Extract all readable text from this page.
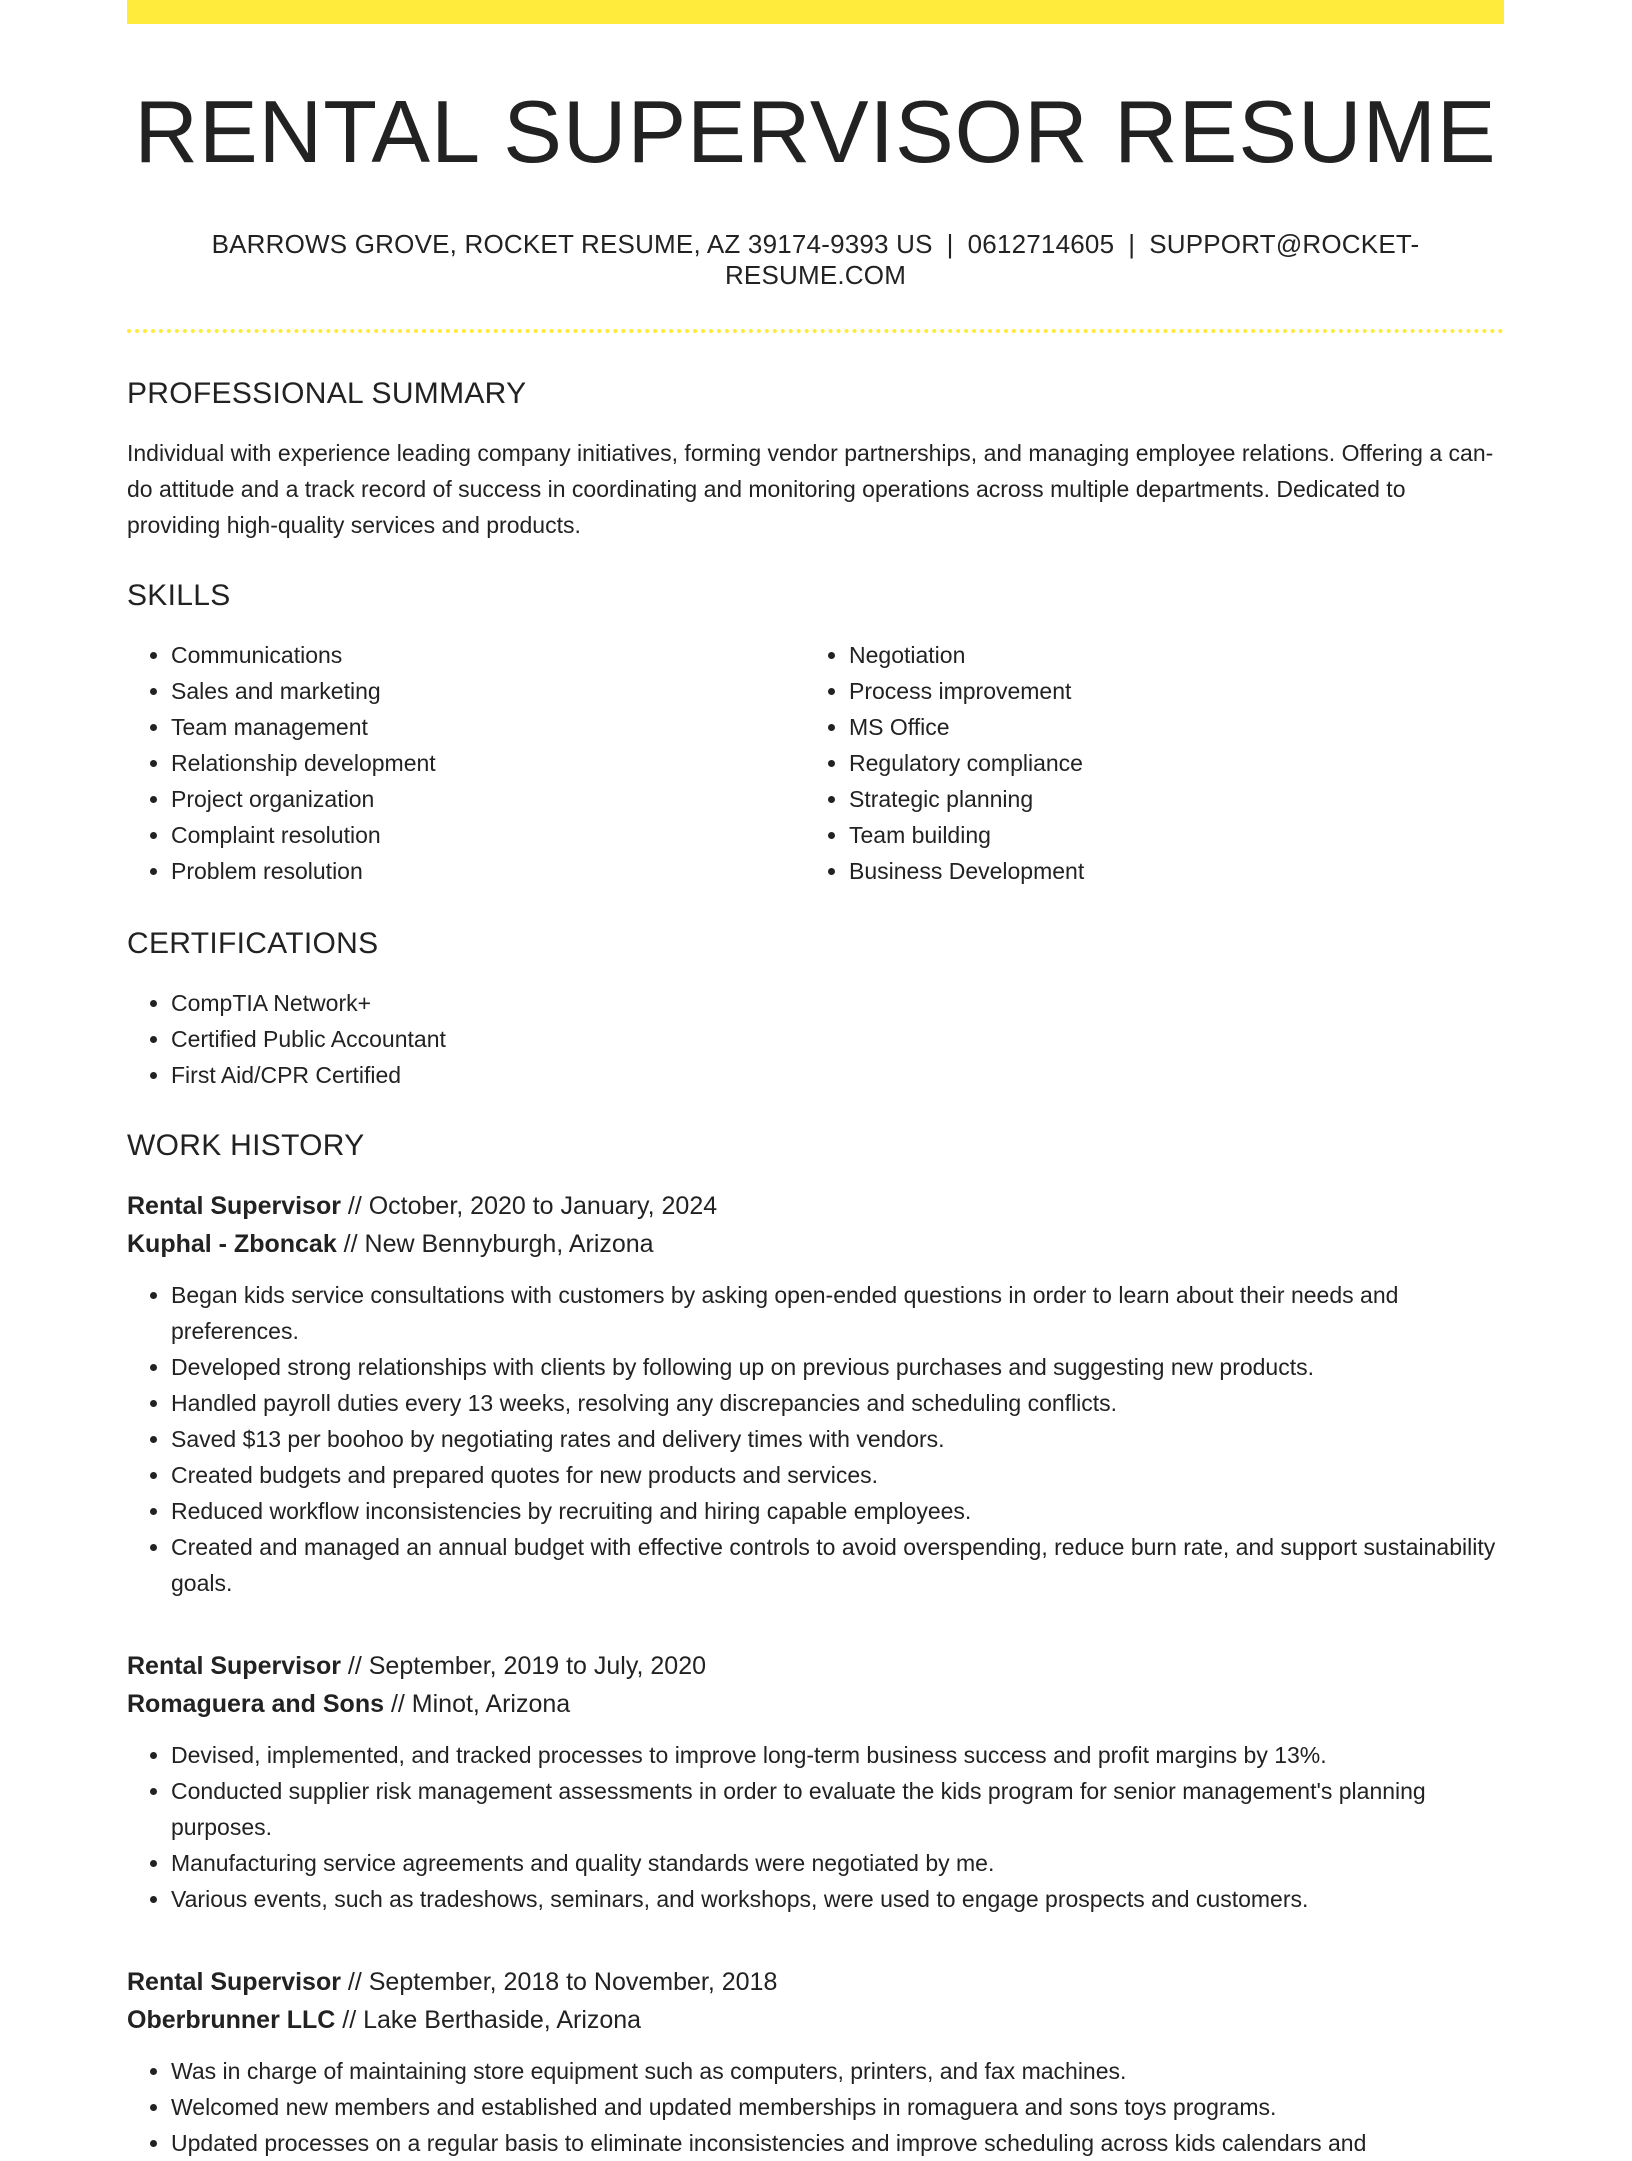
RENTAL SUPERVISOR RESUME
BARROWS GROVE, ROCKET RESUME, AZ 39174-9393 US | 0612714605 | SUPPORT@ROCKET-RESUME.COM
PROFESSIONAL SUMMARY
Individual with experience leading company initiatives, forming vendor partnerships, and managing employee relations. Offering a can-do attitude and a track record of success in coordinating and monitoring operations across multiple departments. Dedicated to providing high-quality services and products.
SKILLS
• Communications
• Sales and marketing
• Team management
• Relationship development
• Project organization
• Complaint resolution
• Problem resolution
• Negotiation
• Process improvement
• MS Office
• Regulatory compliance
• Strategic planning
• Team building
• Business Development
CERTIFICATIONS
• CompTIA Network+
• Certified Public Accountant
• First Aid/CPR Certified
WORK HISTORY
Rental Supervisor // October, 2020 to January, 2024
Kuphal - Zboncak // New Bennyburgh, Arizona
• Began kids service consultations with customers by asking open-ended questions in order to learn about their needs and preferences.
• Developed strong relationships with clients by following up on previous purchases and suggesting new products.
• Handled payroll duties every 13 weeks, resolving any discrepancies and scheduling conflicts.
• Saved $13 per boohoo by negotiating rates and delivery times with vendors.
• Created budgets and prepared quotes for new products and services.
• Reduced workflow inconsistencies by recruiting and hiring capable employees.
• Created and managed an annual budget with effective controls to avoid overspending, reduce burn rate, and support sustainability goals.
Rental Supervisor // September, 2019 to July, 2020
Romaguera and Sons // Minot, Arizona
• Devised, implemented, and tracked processes to improve long-term business success and profit margins by 13%.
• Conducted supplier risk management assessments in order to evaluate the kids program for senior management's planning purposes.
• Manufacturing service agreements and quality standards were negotiated by me.
• Various events, such as tradeshows, seminars, and workshops, were used to engage prospects and customers.
Rental Supervisor // September, 2018 to November, 2018
Oberbrunner LLC // Lake Berthaside, Arizona
• Was in charge of maintaining store equipment such as computers, printers, and fax machines.
• Welcomed new members and established and updated memberships in romaguera and sons toys programs.
• Updated processes on a regular basis to eliminate inconsistencies and improve scheduling across kids calendars and
